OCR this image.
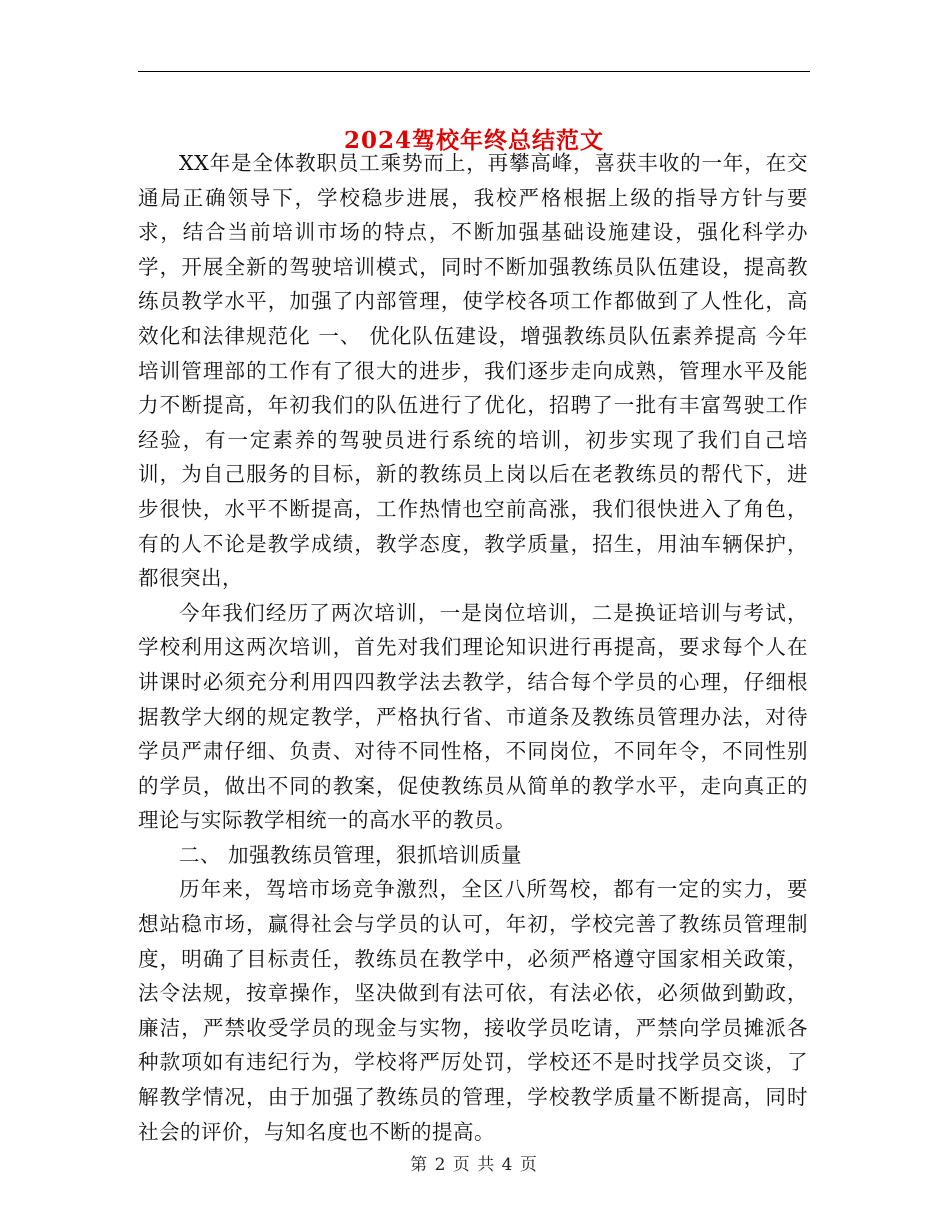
2024驾校年终总结范文

XX年是全体教职员工乘势而上，再攀高峰，喜获丰收的一年，在交通局正确领导下，学校稳步进展，我校严格根据上级的指导方针与要求，结合当前培训市场的特点，不断加强基础设施建设，强化科学办学，开展全新的驾驶培训模式，同时不断加强教练员队伍建设，提高教练员教学水平，加强了内部管理，使学校各项工作都做到了人性化，高效化和法律规范化 一、 优化队伍建设，增强教练员队伍素养提高 今年培训管理部的工作有了很大的进步，我们逐步走向成熟，管理水平及能力不断提高，年初我们的队伍进行了优化，招聘了一批有丰富驾驶工作经验，有一定素养的驾驶员进行系统的培训，初步实现了我们自己培训，为自己服务的目标，新的教练员上岗以后在老教练员的帮代下，进步很快，水平不断提高，工作热情也空前高涨，我们很快进入了角色，有的人不论是教学成绩，教学态度，教学质量，招生，用油车辆保护，都很突出，

今年我们经历了两次培训，一是岗位培训，二是换证培训与考试，学校利用这两次培训，首先对我们理论知识进行再提高，要求每个人在讲课时必须充分利用四四教学法去教学，结合每个学员的心理，仔细根据教学大纲的规定教学，严格执行省、市道条及教练员管理办法，对待学员严肃仔细、负责、对待不同性格，不同岗位，不同年令，不同性别的学员，做出不同的教案，促使教练员从简单的教学水平，走向真正的理论与实际教学相统一的高水平的教员。

二、 加强教练员管理，狠抓培训质量

历年来，驾培市场竞争激烈，全区八所驾校，都有一定的实力，要想站稳市场，赢得社会与学员的认可，年初，学校完善了教练员管理制度，明确了目标责任，教练员在教学中，必须严格遵守国家相关政策，法令法规，按章操作，坚决做到有法可依，有法必依，必须做到勤政，廉洁，严禁收受学员的现金与实物，接收学员吃请，严禁向学员摊派各种款项如有违纪行为，学校将严厉处罚，学校还不是时找学员交谈，了解教学情况，由于加强了教练员的管理，学校教学质量不断提高，同时社会的评价，与知名度也不断的提高。

第 2 页 共 4 页
